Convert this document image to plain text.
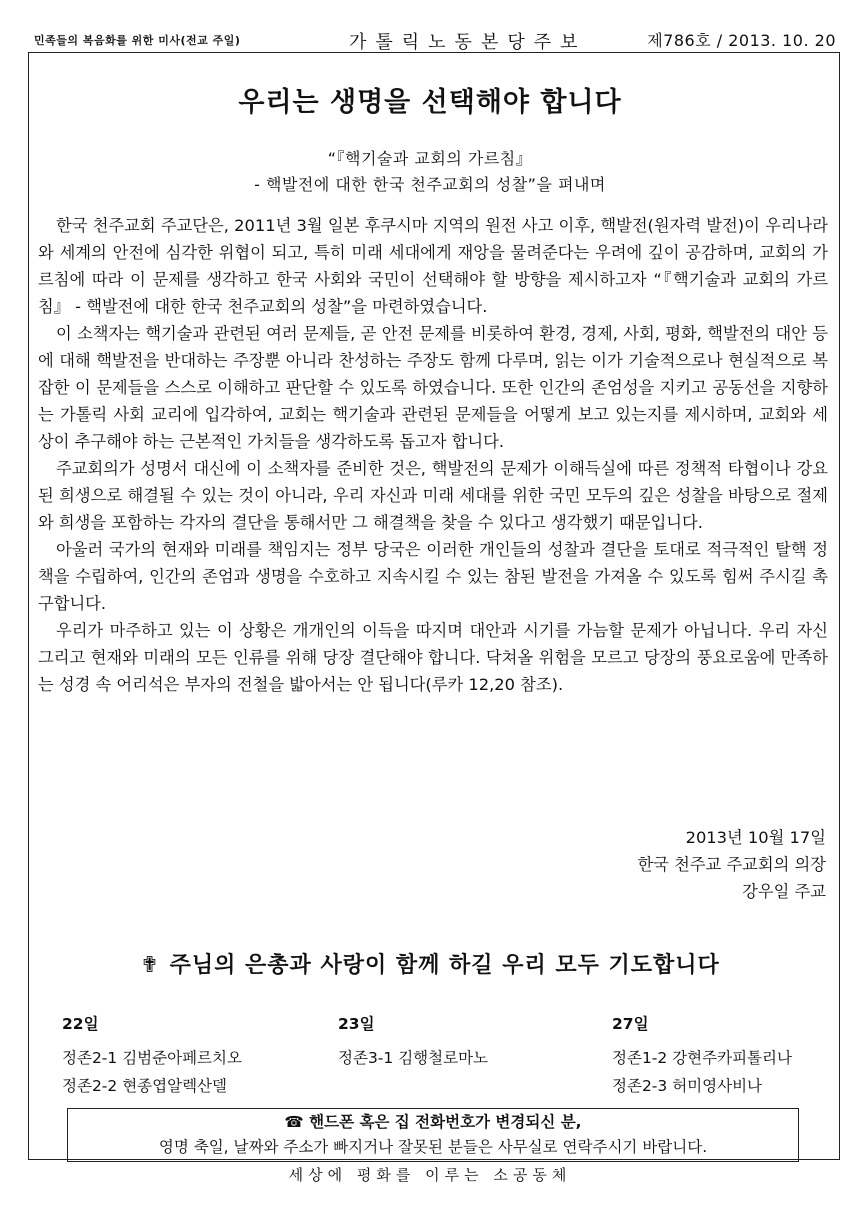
민족들의 복음화를 위한 미사(전교 주일)	가톨릭노동본당주보	제786호 / 2013. 10. 20
우리는 생명을 선택해야 합니다
“『핵기술과 교회의 가르침』
- 핵발전에 대한 한국 천주교회의 성찰”을 펴내며

한국 천주교회 주교단은, 2011년 3월 일본 후쿠시마 지역의 원전 사고 이후, 핵발전(원자력 발전)이 우리나라와 세계의 안전에 심각한 위협이 되고, 특히 미래 세대에게 재앙을 물려준다는 우려에 깊이 공감하며, 교회의 가르침에 따라 이 문제를 생각하고 한국 사회와 국민이 선택해야 할 방향을 제시하고자 “『핵기술과 교회의 가르침』 - 핵발전에 대한 한국 천주교회의 성찰”을 마련하였습니다.

이 소책자는 핵기술과 관련된 여러 문제들, 곧 안전 문제를 비롯하여 환경, 경제, 사회, 평화, 핵발전의 대안 등에 대해 핵발전을 반대하는 주장뿐 아니라 찬성하는 주장도 함께 다루며, 읽는 이가 기술적으로나 현실적으로 복잡한 이 문제들을 스스로 이해하고 판단할 수 있도록 하였습니다. 또한 인간의 존엄성을 지키고 공동선을 지향하는 가톨릭 사회 교리에 입각하여, 교회는 핵기술과 관련된 문제들을 어떻게 보고 있는지를 제시하며, 교회와 세상이 추구해야 하는 근본적인 가치들을 생각하도록 돕고자 합니다.

주교회의가 성명서 대신에 이 소책자를 준비한 것은, 핵발전의 문제가 이해득실에 따른 정책적 타협이나 강요된 희생으로 해결될 수 있는 것이 아니라, 우리 자신과 미래 세대를 위한 국민 모두의 깊은 성찰을 바탕으로 절제와 희생을 포함하는 각자의 결단을 통해서만 그 해결책을 찾을 수 있다고 생각했기 때문입니다.

아울러 국가의 현재와 미래를 책임지는 정부 당국은 이러한 개인들의 성찰과 결단을 토대로 적극적인 탈핵 정책을 수립하여, 인간의 존엄과 생명을 수호하고 지속시킬 수 있는 참된 발전을 가져올 수 있도록 힘써 주시길 촉구합니다.

우리가 마주하고 있는 이 상황은 개개인의 이득을 따지며 대안과 시기를 가늠할 문제가 아닙니다. 우리 자신 그리고 현재와 미래의 모든 인류를 위해 당장 결단해야 합니다. 닥쳐올 위험을 모르고 당장의 풍요로움에 만족하는 성경 속 어리석은 부자의 전철을 밟아서는 안 됩니다(루카 12,20 참조).

2013년 10월 17일
한국 천주교 주교회의 의장
강우일 주교
✟ 주님의 은총과 사랑이 함께 하길 우리 모두 기도합니다
22일
정존2-1 김범준아페르치오
정존2-2 현종엽알렉산델
23일
정존3-1 김행철로마노
27일
정존1-2 강현주카피톨리나
정존2-3 허미영사비나
☎ 핸드폰 혹은 집 전화번호가 변경되신 분,
영명 축일, 날짜와 주소가 빠지거나 잘못된 분들은 사무실로 연락주시기 바랍니다.
세상에 평화를 이루는 소공동체
